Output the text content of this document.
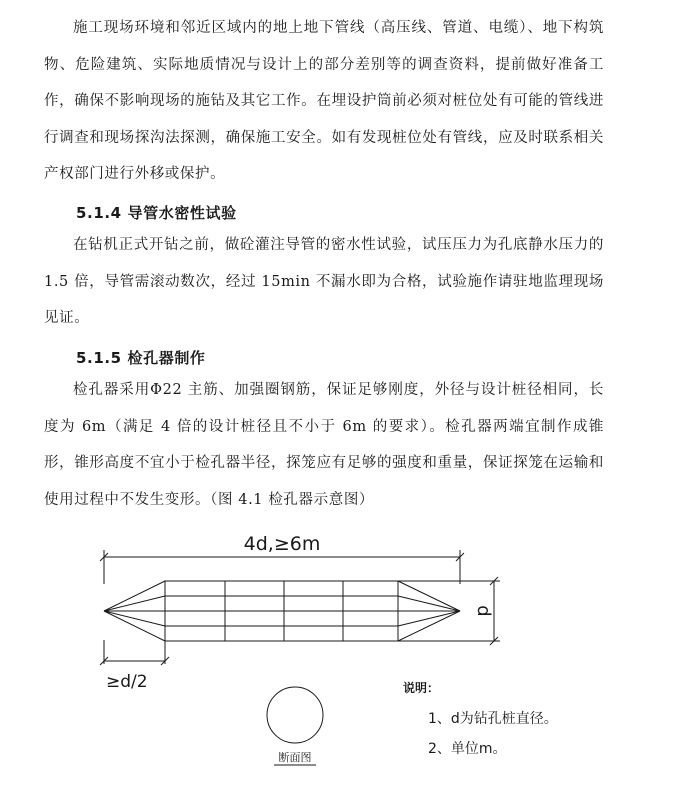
施工现场环境和邻近区域内的地上地下管线（高压线、管道、电缆）、地下构筑物、危险建筑、实际地质情况与设计上的部分差别等的调查资料，提前做好准备工作，确保不影响现场的施钻及其它工作。在埋设护筒前必须对桩位处有可能的管线进行调查和现场探沟法探测，确保施工安全。如有发现桩位处有管线，应及时联系相关产权部门进行外移或保护。

5.1.4 导管水密性试验

在钻机正式开钻之前，做砼灌注导管的密水性试验，试压压力为孔底静水压力的 1.5 倍，导管需滚动数次，经过 15min 不漏水即为合格，试验施作请驻地监理现场见证。

5.1.5 检孔器制作

检孔器采用Φ22 主筋、加强圈钢筋，保证足够刚度，外径与设计桩径相同，长度为 6m（满足 4 倍的设计桩径且不小于 6m 的要求）。检孔器两端宜制作成锥形，锥形高度不宜小于检孔器半径，探笼应有足够的强度和重量，保证探笼在运输和使用过程中不发生变形。（图 4.1 检孔器示意图）

4d,≥6m
d
≥d/2
断面图
说明：
1、d为钻孔桩直径。
2、单位m。
